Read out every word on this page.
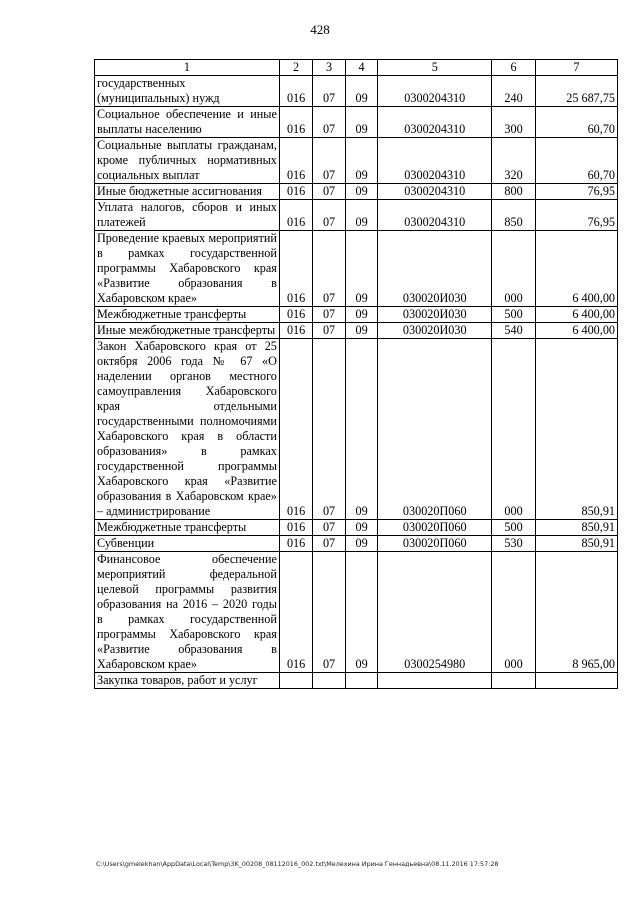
428
1	2	3	4	5	6	7
государственных (муниципальных) нужд	016	07	09	0300204310	240	25 687,75
Социальное обеспечение и иные выплаты населению	016	07	09	0300204310	300	60,70
Социальные выплаты гражданам, кроме публичных нормативных социальных выплат	016	07	09	0300204310	320	60,70
Иные бюджетные ассигнования	016	07	09	0300204310	800	76,95
Уплата налогов, сборов и иных платежей	016	07	09	0300204310	850	76,95
Проведение краевых мероприятий в рамках государственной программы Хабаровского края «Развитие образования в Хабаровском крае»	016	07	09	030020И030	000	6 400,00
Межбюджетные трансферты	016	07	09	030020И030	500	6 400,00
Иные межбюджетные трансферты	016	07	09	030020И030	540	6 400,00
Закон Хабаровского края от 25 октября 2006 года № 67 «О наделении органов местного самоуправления Хабаровского края отдельными государственными полномочиями Хабаровского края в области образования» в рамках государственной программы Хабаровского края «Развитие образования в Хабаровском крае» – администрирование	016	07	09	030020П060	000	850,91
Межбюджетные трансферты	016	07	09	030020П060	500	850,91
Субвенции	016	07	09	030020П060	530	850,91
Финансовое обеспечение мероприятий федеральной целевой программы развития образования на 2016 – 2020 годы в рамках государственной программы Хабаровского края «Развитие образования в Хабаровском крае»	016	07	09	0300254980	000	8 965,00
Закупка товаров, работ и услуг						
C:\Users\gmelekhan\AppData\Local\Temp\3K_00208_08112016_002.txt\Мелехина Ирина Геннадьевна\08.11.2016 17:57:28
